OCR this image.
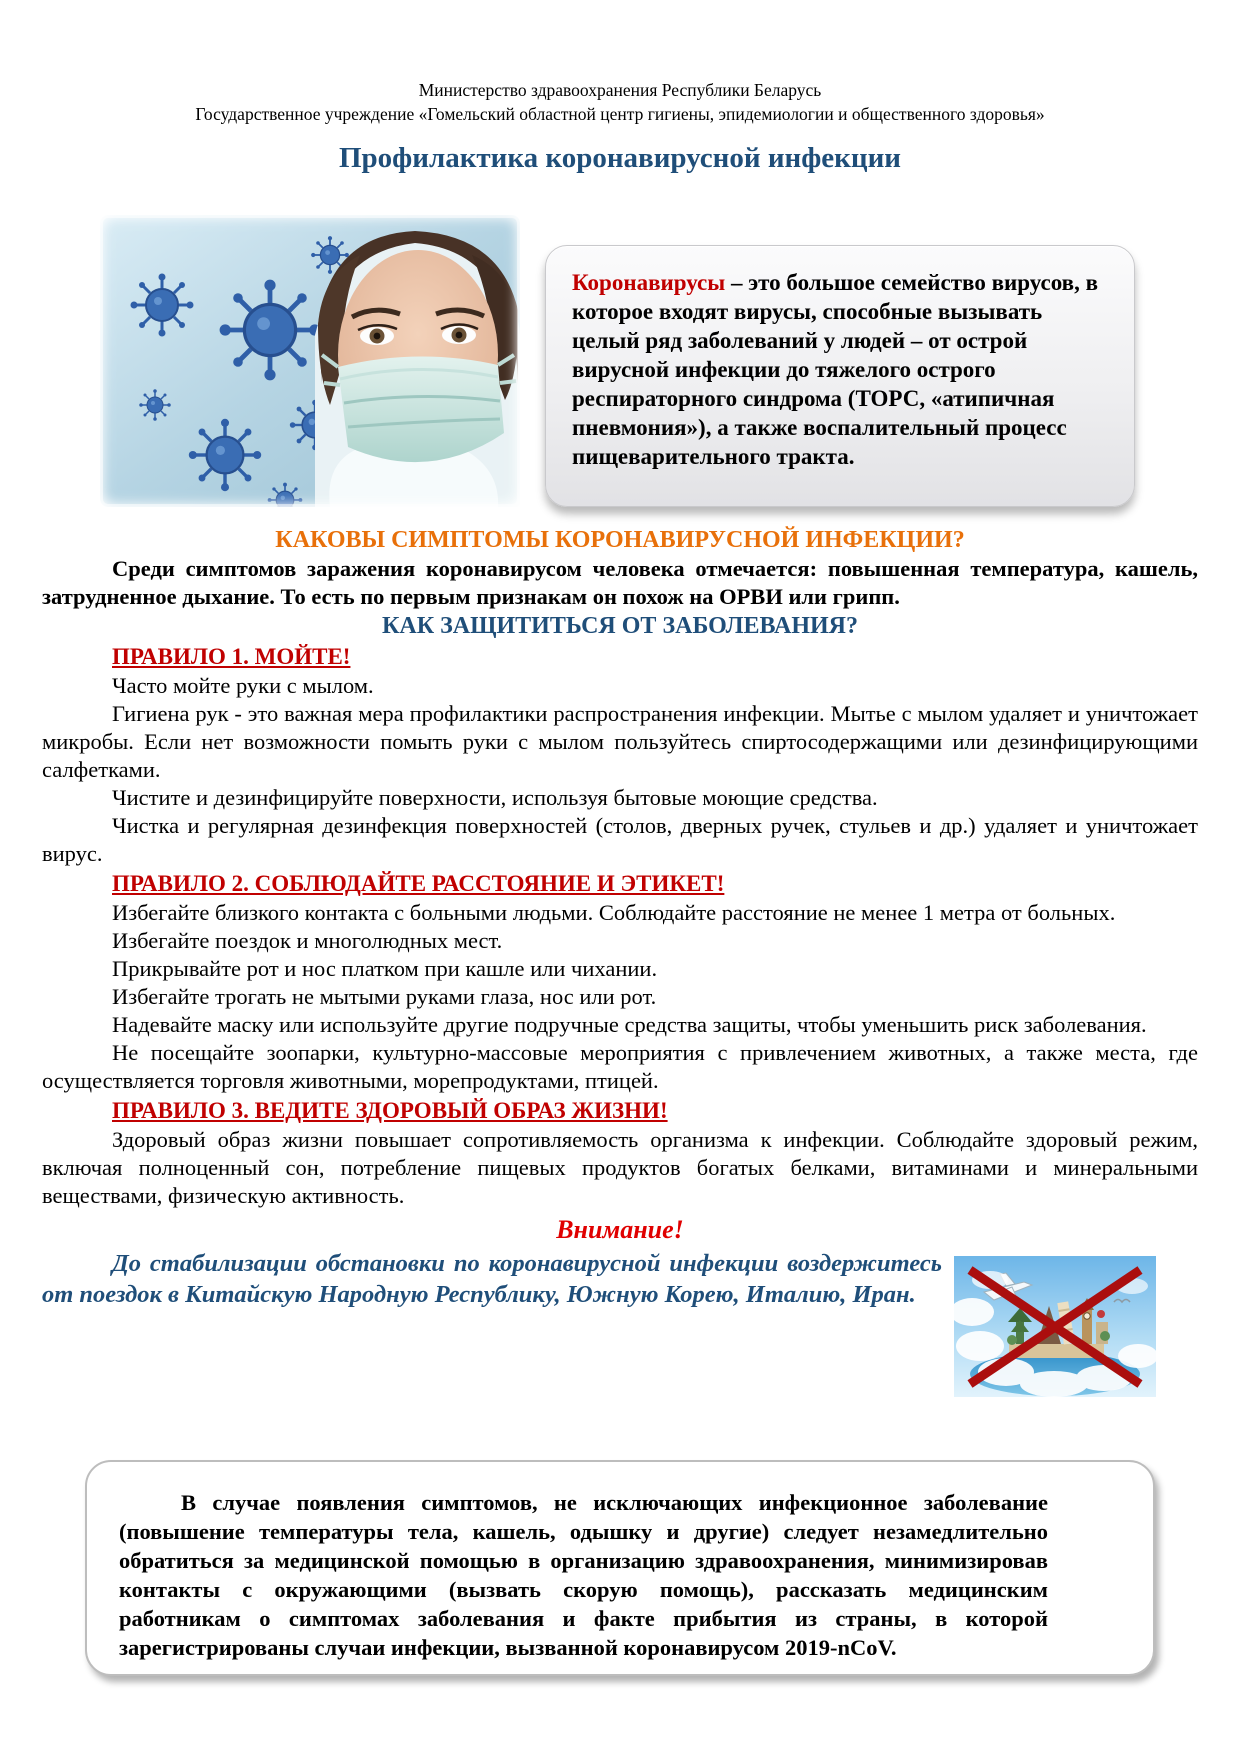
Министерство здравоохранения Республики Беларусь
Государственное учреждение «Гомельский областной центр гигиены, эпидемиологии и общественного здоровья»
Профилактика коронавирусной инфекции
Коронавирусы – это большое семейство вирусов, в которое входят вирусы, способные вызывать целый ряд заболеваний у людей – от острой вирусной инфекции до тяжелого острого респираторного синдрома (ТОРС, «атипичная пневмония»), а также воспалительный процесс пищеварительного тракта.
КАКОВЫ СИМПТОМЫ КОРОНАВИРУСНОЙ ИНФЕКЦИИ?
Среди симптомов заражения коронавирусом человека отмечается: повышенная температура, кашель, затрудненное дыхание. То есть по первым признакам он похож на ОРВИ или грипп.
КАК ЗАЩИТИТЬСЯ ОТ ЗАБОЛЕВАНИЯ?
ПРАВИЛО 1. МОЙТЕ!

Часто мойте руки с мылом.

Гигиена рук - это важная мера профилактики распространения инфекции. Мытье с мылом удаляет и уничтожает микробы. Если нет возможности помыть руки с мылом пользуйтесь спиртосодержащими или дезинфицирующими салфетками.

Чистите и дезинфицируйте поверхности, используя бытовые моющие средства.

Чистка и регулярная дезинфекция поверхностей (столов, дверных ручек, стульев и др.) удаляет и уничтожает вирус.

ПРАВИЛО 2. СОБЛЮДАЙТЕ РАССТОЯНИЕ И ЭТИКЕТ!

Избегайте близкого контакта с больными людьми. Соблюдайте расстояние не менее 1 метра от больных.

Избегайте поездок и многолюдных мест.

Прикрывайте рот и нос платком при кашле или чихании.

Избегайте трогать не мытыми руками глаза, нос или рот.

Надевайте маску или используйте другие подручные средства защиты, чтобы уменьшить риск заболевания.

Не посещайте зоопарки, культурно-массовые мероприятия с привлечением животных, а также места, где осуществляется торговля животными, морепродуктами, птицей.

ПРАВИЛО 3. ВЕДИТЕ ЗДОРОВЫЙ ОБРАЗ ЖИЗНИ!

Здоровый образ жизни повышает сопротивляемость организма к инфекции. Соблюдайте здоровый режим, включая полноценный сон, потребление пищевых продуктов богатых белками, витаминами и минеральными веществами, физическую активность.

Внимание!
До стабилизации обстановки по коронавирусной инфекции воздержитесь от поездок в Китайскую Народную Республику, Южную Корею, Италию, Иран.
В случае появления симптомов, не исключающих инфекционное заболевание (повышение температуры тела, кашель, одышку и другие) следует незамедлительно обратиться за медицинской помощью в организацию здравоохранения, минимизировав контакты с окружающими (вызвать скорую помощь), рассказать медицинским работникам о симптомах заболевания и факте прибытия из страны, в которой зарегистрированы случаи инфекции, вызванной коронавирусом 2019-nCoV.
